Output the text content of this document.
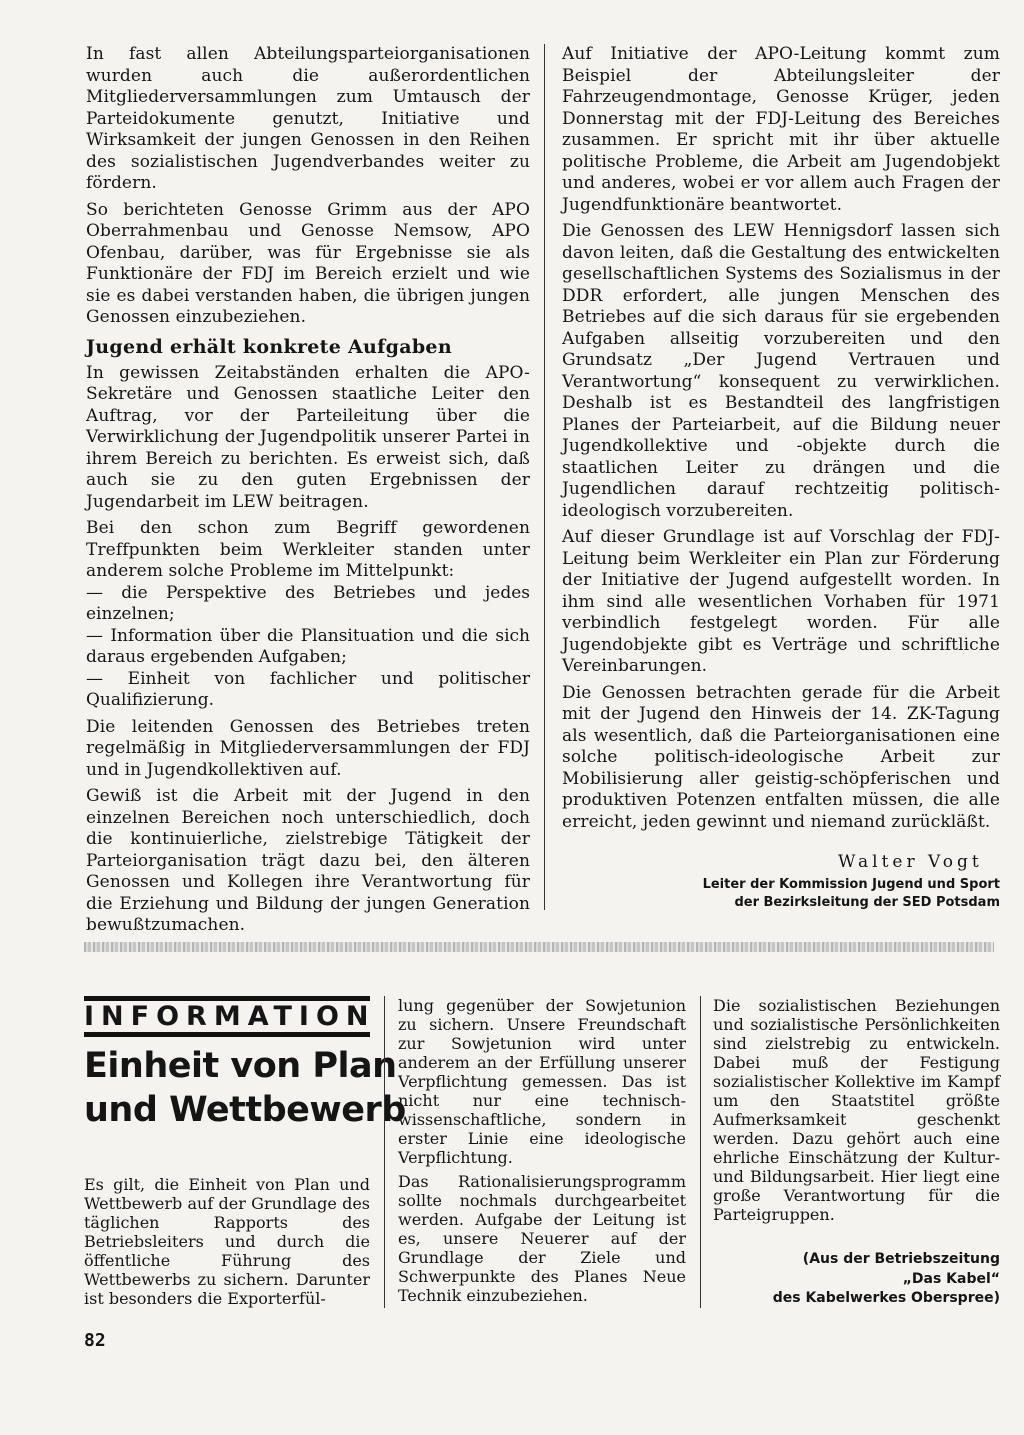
In fast allen Abteilungsparteiorganisationen wurden auch die außerordentlichen Mitgliederversammlungen zum Umtausch der Parteidokumente genutzt, Initiative und Wirksamkeit der jungen Genossen in den Reihen des sozialistischen Jugendverbandes weiter zu fördern.

So berichteten Genosse Grimm aus der APO Oberrahmenbau und Genosse Nemsow, APO Ofenbau, darüber, was für Ergebnisse sie als Funktionäre der FDJ im Bereich erzielt und wie sie es dabei verstanden haben, die übrigen jungen Genossen einzubeziehen.

Jugend erhält konkrete Aufgaben

In gewissen Zeitabständen erhalten die APO-Sekretäre und Genossen staatliche Leiter den Auftrag, vor der Parteileitung über die Verwirklichung der Jugendpolitik unserer Partei in ihrem Bereich zu berichten. Es erweist sich, daß auch sie zu den guten Ergebnissen der Jugendarbeit im LEW beitragen.

Bei den schon zum Begriff gewordenen Treffpunkten beim Werkleiter standen unter anderem solche Probleme im Mittelpunkt:

— die Perspektive des Betriebes und jedes einzelnen;

— Information über die Plansituation und die sich daraus ergebenden Aufgaben;

— Einheit von fachlicher und politischer Qualifizierung.

Die leitenden Genossen des Betriebes treten regelmäßig in Mitgliederversammlungen der FDJ und in Jugendkollektiven auf.

Gewiß ist die Arbeit mit der Jugend in den einzelnen Bereichen noch unterschiedlich, doch die kontinuierliche, zielstrebige Tätigkeit der Parteiorganisation trägt dazu bei, den älteren Genossen und Kollegen ihre Verantwortung für die Erziehung und Bildung der jungen Generation bewußtzumachen.

Auf Initiative der APO-Leitung kommt zum Beispiel der Abteilungsleiter der Fahrzeugendmontage, Genosse Krüger, jeden Donnerstag mit der FDJ-Leitung des Bereiches zusammen. Er spricht mit ihr über aktuelle politische Probleme, die Arbeit am Jugendobjekt und anderes, wobei er vor allem auch Fragen der Jugendfunktionäre beantwortet.

Die Genossen des LEW Hennigsdorf lassen sich davon leiten, daß die Gestaltung des entwickelten gesellschaftlichen Systems des Sozialismus in der DDR erfordert, alle jungen Menschen des Betriebes auf die sich daraus für sie ergebenden Aufgaben allseitig vorzubereiten und den Grundsatz „Der Jugend Vertrauen und Verantwortung“ konsequent zu verwirklichen. Deshalb ist es Bestandteil des langfristigen Planes der Parteiarbeit, auf die Bildung neuer Jugendkollektive und -objekte durch die staatlichen Leiter zu drängen und die Jugendlichen darauf rechtzeitig politisch-ideologisch vorzubereiten.

Auf dieser Grundlage ist auf Vorschlag der FDJ-Leitung beim Werkleiter ein Plan zur Förderung der Initiative der Jugend aufgestellt worden. In ihm sind alle wesentlichen Vorhaben für 1971 verbindlich festgelegt worden. Für alle Jugendobjekte gibt es Verträge und schriftliche Vereinbarungen.

Die Genossen betrachten gerade für die Arbeit mit der Jugend den Hinweis der 14. ZK-Tagung als wesentlich, daß die Parteiorganisationen eine solche politisch-ideologische Arbeit zur Mobilisierung aller geistig-schöpferischen und produktiven Potenzen entfalten müssen, die alle erreicht, jeden gewinnt und niemand zurückläßt.

Walter Vogt
Leiter der Kommission Jugend und Sport
der Bezirksleitung der SED Potsdam
INFORMATION
Einheit von Plan
und Wettbewerb

Es gilt, die Einheit von Plan und Wettbewerb auf der Grundlage des täglichen Rapports des Betriebsleiters und durch die öffentliche Führung des Wettbewerbs zu sichern. Darunter ist besonders die Exporterfül-

lung gegenüber der Sowjetunion zu sichern. Unsere Freundschaft zur Sowjetunion wird unter anderem an der Erfüllung unserer Verpflichtung gemessen. Das ist nicht nur eine technisch-wissenschaftliche, sondern in erster Linie eine ideologische Verpflichtung.

Das Rationalisierungsprogramm sollte nochmals durchgearbeitet werden. Aufgabe der Leitung ist es, unsere Neuerer auf der Grundlage der Ziele und Schwerpunkte des Planes Neue Technik einzubeziehen.

Die sozialistischen Beziehungen und sozialistische Persönlichkeiten sind zielstrebig zu entwickeln. Dabei muß der Festigung sozialistischer Kollektive im Kampf um den Staatstitel größte Aufmerksamkeit geschenkt werden. Dazu gehört auch eine ehrliche Einschätzung der Kultur- und Bildungsarbeit. Hier liegt eine große Verantwortung für die Parteigruppen.

(Aus der Betriebszeitung
„Das Kabel“
des Kabelwerkes Oberspree)
82
